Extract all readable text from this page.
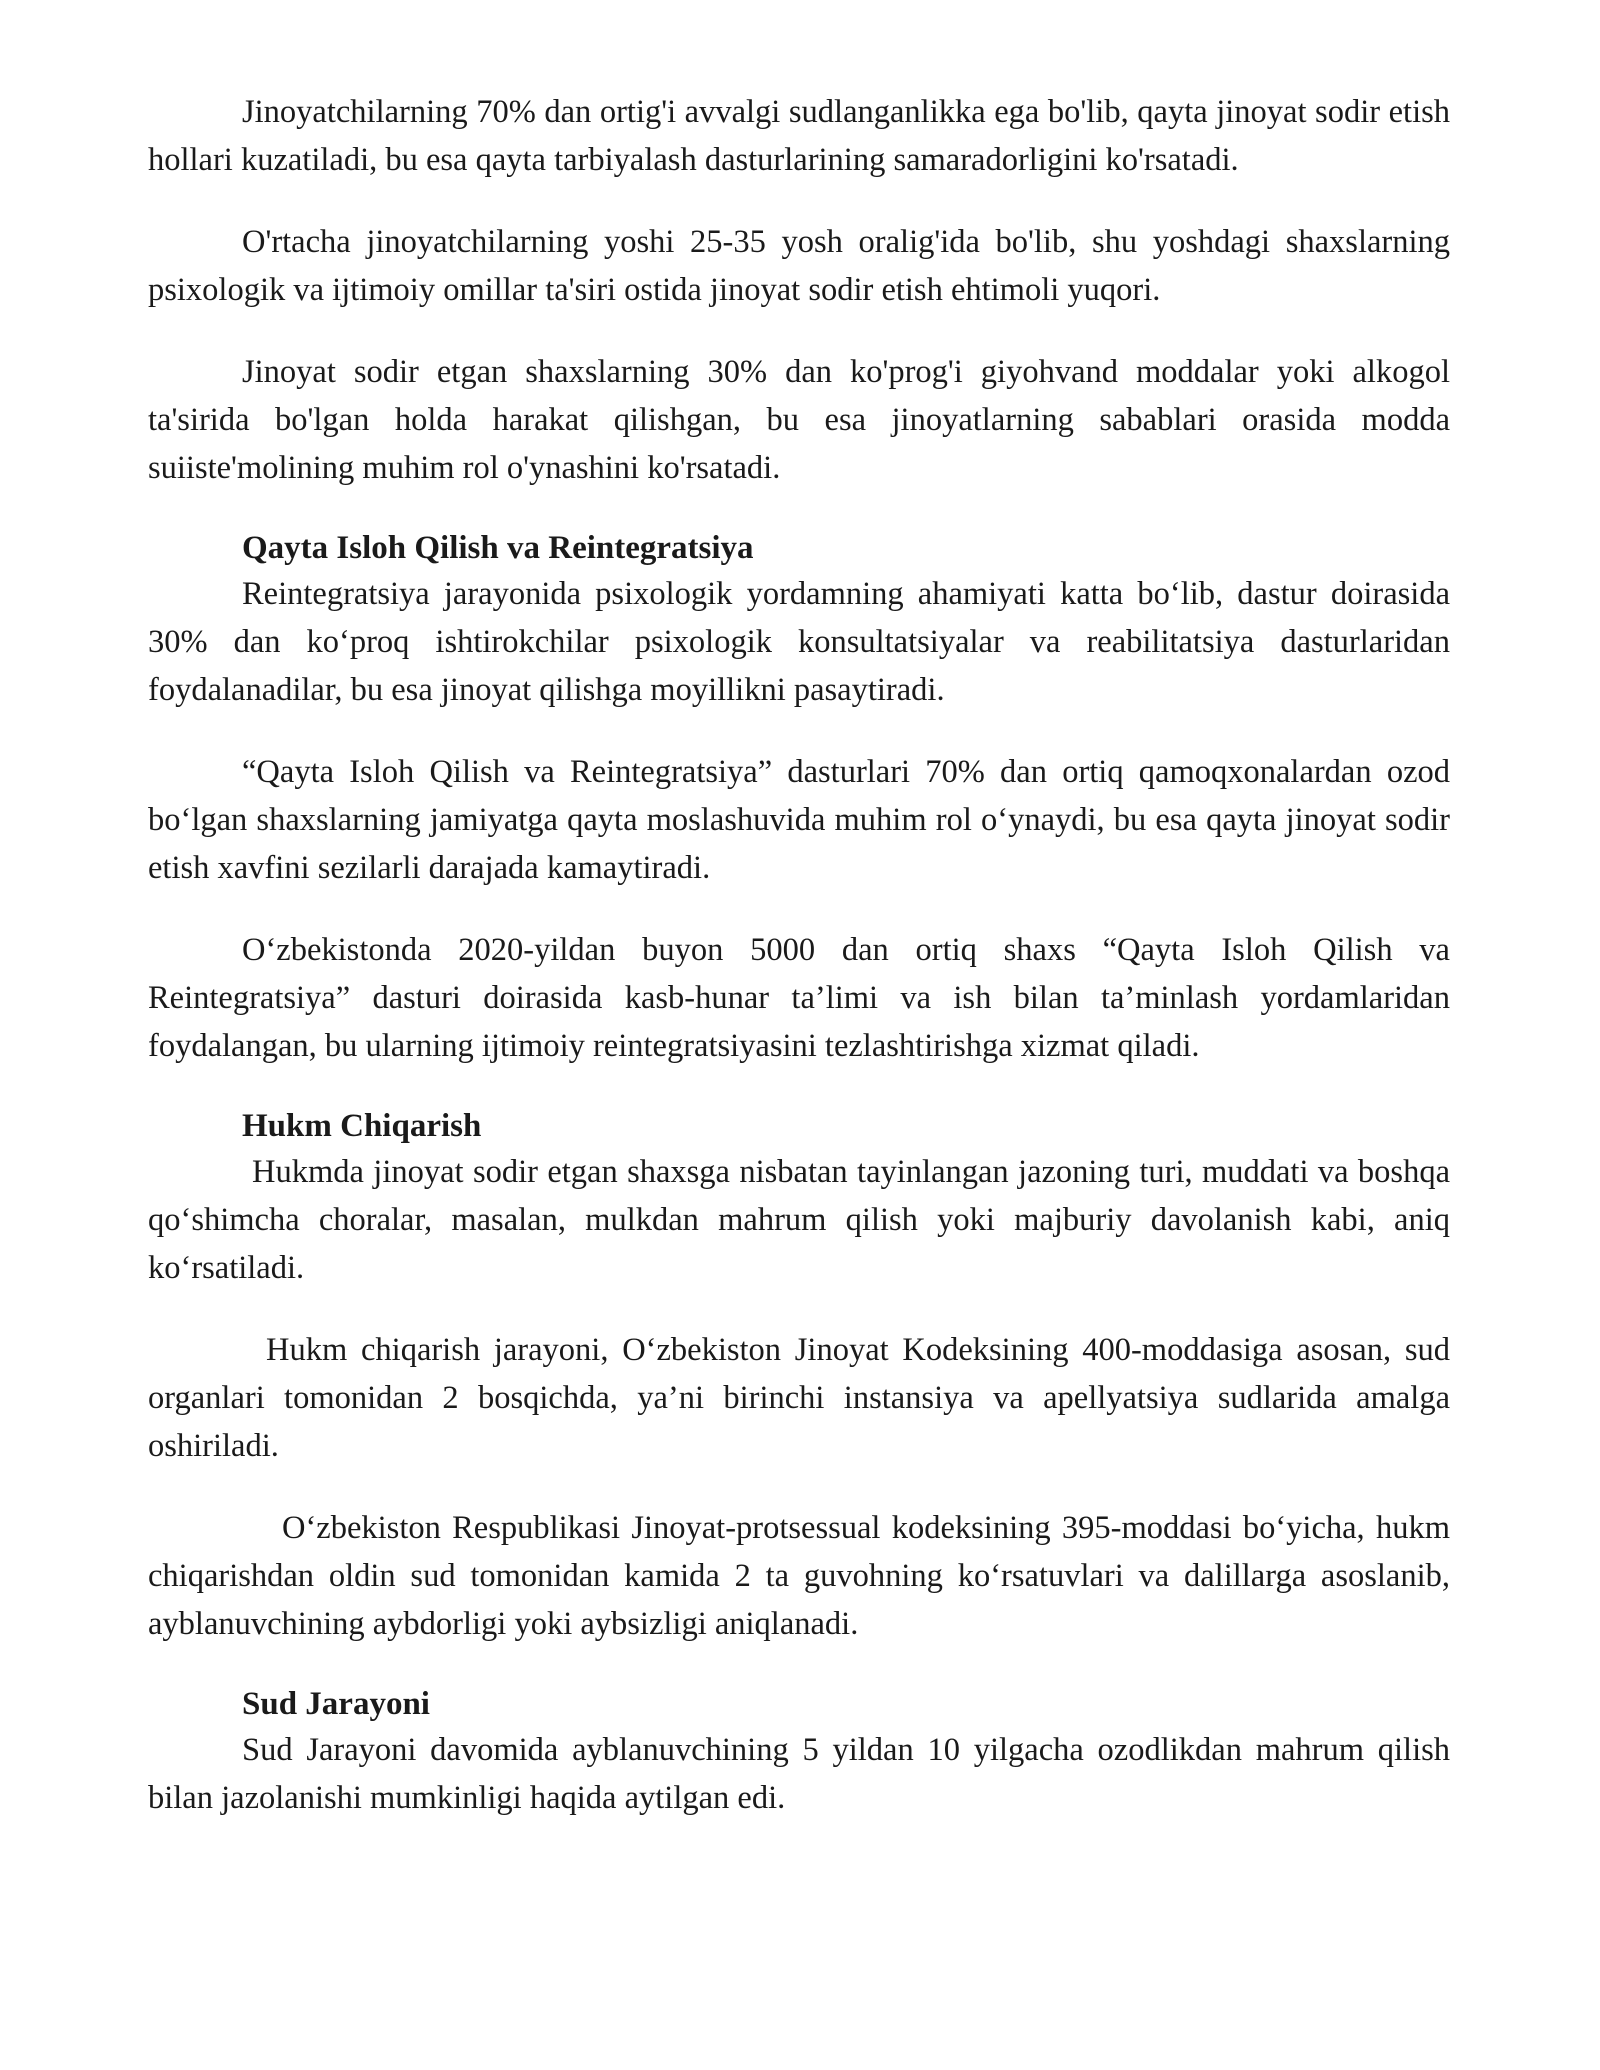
Jinoyatchilarning 70% dan ortig'i avvalgi sudlanganlikka ega bo'lib, qayta jinoyat sodir etish hollari kuzatiladi, bu esa qayta tarbiyalash dasturlarining samaradorligini ko'rsatadi.

O'rtacha jinoyatchilarning yoshi 25-35 yosh oralig'ida bo'lib, shu yoshdagi shaxslarning psixologik va ijtimoiy omillar ta'siri ostida jinoyat sodir etish ehtimoli yuqori.

Jinoyat sodir etgan shaxslarning 30% dan ko'prog'i giyohvand moddalar yoki alkogol ta'sirida bo'lgan holda harakat qilishgan, bu esa jinoyatlarning sabablari orasida modda suiiste'molining muhim rol o'ynashini ko'rsatadi.

Qayta Isloh Qilish va Reintegratsiya

Reintegratsiya jarayonida psixologik yordamning ahamiyati katta bo‘lib, dastur doirasida 30% dan ko‘proq ishtirokchilar psixologik konsultatsiyalar va reabilitatsiya dasturlaridan foydalanadilar, bu esa jinoyat qilishga moyillikni pasaytiradi.

“Qayta Isloh Qilish va Reintegratsiya” dasturlari 70% dan ortiq qamoqxonalardan ozod bo‘lgan shaxslarning jamiyatga qayta moslashuvida muhim rol o‘ynaydi, bu esa qayta jinoyat sodir etish xavfini sezilarli darajada kamaytiradi.

O‘zbekistonda 2020-yildan buyon 5000 dan ortiq shaxs “Qayta Isloh Qilish va Reintegratsiya” dasturi doirasida kasb-hunar ta’limi va ish bilan ta’minlash yordamlaridan foydalangan, bu ularning ijtimoiy reintegratsiyasini tezlashtirishga xizmat qiladi.

Hukm Chiqarish

Hukmda jinoyat sodir etgan shaxsga nisbatan tayinlangan jazoning turi, muddati va boshqa qo‘shimcha choralar, masalan, mulkdan mahrum qilish yoki majburiy davolanish kabi, aniq ko‘rsatiladi.

Hukm chiqarish jarayoni, O‘zbekiston Jinoyat Kodeksining 400-moddasiga asosan, sud organlari tomonidan 2 bosqichda, ya’ni birinchi instansiya va apellyatsiya sudlarida amalga oshiriladi.

O‘zbekiston Respublikasi Jinoyat-protsessual kodeksining 395-moddasi bo‘yicha, hukm chiqarishdan oldin sud tomonidan kamida 2 ta guvohning ko‘rsatuvlari va dalillarga asoslanib, ayblanuvchining aybdorligi yoki aybsizligi aniqlanadi.

Sud Jarayoni

Sud Jarayoni davomida ayblanuvchining 5 yildan 10 yilgacha ozodlikdan mahrum qilish bilan jazolanishi mumkinligi haqida aytilgan edi.
